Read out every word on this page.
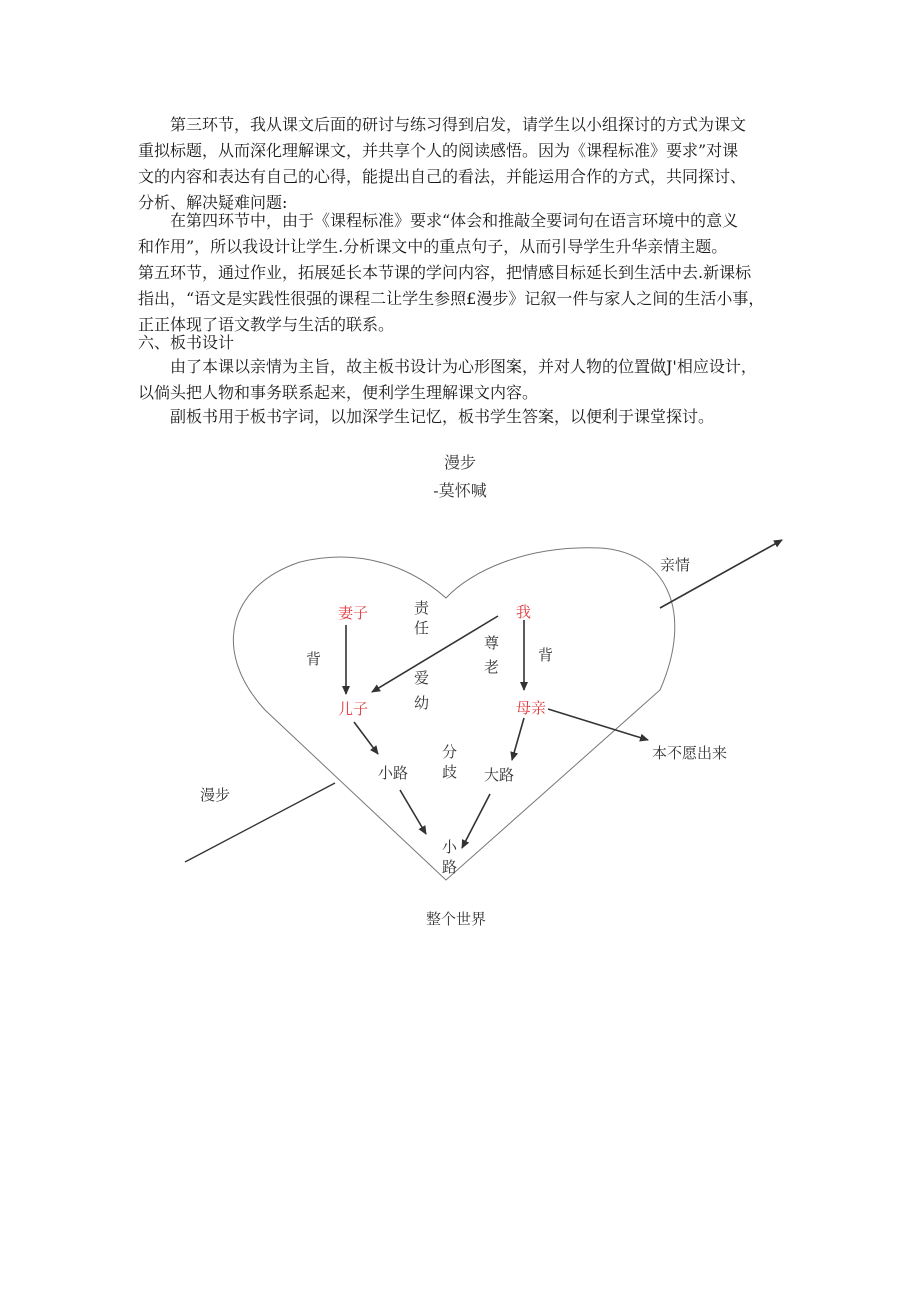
　　第三环节，我从课文后面的研讨与练习得到启发，请学生以小组探讨的方式为课文
重拟标题，从而深化理解课文，并共享个人的阅读感悟。因为《课程标准》要求”对课
文的内容和表达有自己的心得，能提出自己的看法，并能运用合作的方式，共同探讨、
分析、解决疑难问题:
　　在第四环节中，由于《课程标准》要求“体会和推敲全要词句在语言环境中的意义
和作用”，所以我设计让学生.分析课文中的重点句子，从而引导学生升华亲情主题。
第五环节，通过作业，拓展延长本节课的学问内容，把情感目标延长到生活中去.新课标
指出，“语文是实践性很强的课程二让学生参照£漫步》记叙一件与家人之间的生活小事，
正正体现了语文教学与生活的联系。
六、板书设计
　　由了本课以亲情为主旨，故主板书设计为心形图案，并对人物的位置做J'相应设计，
以倘头把人物和事务联系起来，便利学生理解课文内容。
　　副板书用于板书字词，以加深学生记忆，板书学生答案，以便利于课堂探讨。
漫步
-莫怀喊
亲情
漫步
妻子	我
儿子	母亲
责
任
尊
老
背	背
爱
幼
分
歧
小路	大路
小
路
本不愿出来
整个世界
